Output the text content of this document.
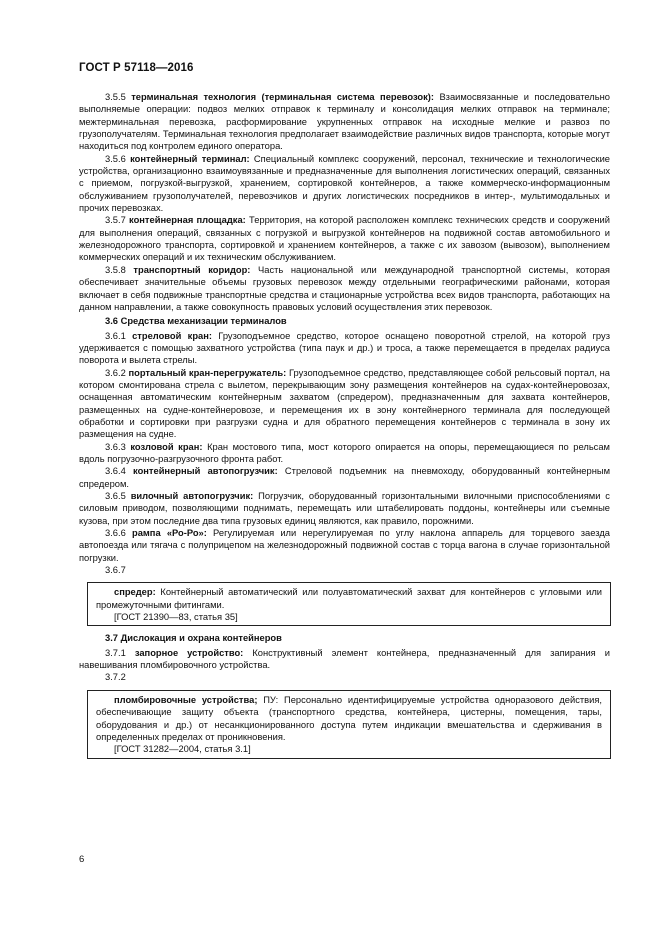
ГОСТ Р 57118—2016

3.5.5 терминальная технология (терминальная система перевозок): Взаимосвязанные и последовательно выполняемые операции: подвоз мелких отправок к терминалу и консолидация мелких отправок на терминале; межтерминальная перевозка, расформирование укрупненных отправок на исходные мелкие и развоз по грузополучателям. Терминальная технология предполагает взаимодействие различных видов транспорта, которые могут находиться под контролем единого оператора.

3.5.6 контейнерный терминал: Специальный комплекс сооружений, персонал, технические и технологические устройства, организационно взаимоувязанные и предназначенные для выполнения логистических операций, связанных с приемом, погрузкой-выгрузкой, хранением, сортировкой контейнеров, а также коммерческо-информационным обслуживанием грузополучателей, перевозчиков и других логистических посредников в интер-, мультимодальных и прочих перевозках.

3.5.7 контейнерная площадка: Территория, на которой расположен комплекс технических средств и сооружений для выполнения операций, связанных с погрузкой и выгрузкой контейнеров на подвижной состав автомобильного и железнодорожного транспорта, сортировкой и хранением контейнеров, а также с их завозом (вывозом), выполнением коммерческих операций и их техническим обслуживанием.

3.5.8 транспортный коридор: Часть национальной или международной транспортной системы, которая обеспечивает значительные объемы грузовых перевозок между отдельными географическими районами, которая включает в себя подвижные транспортные средства и стационарные устройства всех видов транспорта, работающих на данном направлении, а также совокупность правовых условий осуществления этих перевозок.

3.6 Средства механизации терминалов

3.6.1 стреловой кран: Грузоподъемное средство, которое оснащено поворотной стрелой, на которой груз удерживается с помощью захватного устройства (типа паук и др.) и троса, а также перемещается в пределах радиуса поворота и вылета стрелы.

3.6.2 портальный кран-перегружатель: Грузоподъемное средство, представляющее собой рельсовый портал, на котором смонтирована стрела с вылетом, перекрывающим зону размещения контейнеров на судах-контейнеровозах, оснащенная автоматическим контейнерным захватом (спредером), предназначенным для захвата контейнеров, размещенных на судне-контейнеровозе, и перемещения их в зону контейнерного терминала для последующей обработки и сортировки при разгрузки судна и для обратного перемещения контейнеров с терминала в зону их размещения на судне.

3.6.3 козловой кран: Кран мостового типа, мост которого опирается на опоры, перемещающиеся по рельсам вдоль погрузочно-разгрузочного фронта работ.

3.6.4 контейнерный автопогрузчик: Стреловой подъемник на пневмоходу, оборудованный контейнерным спредером.

3.6.5 вилочный автопогрузчик: Погрузчик, оборудованный горизонтальными вилочными приспособлениями с силовым приводом, позволяющими поднимать, перемещать или штабелировать поддоны, контейнеры или съемные кузова, при этом последние два типа грузовых единиц являются, как правило, порожними.

3.6.6 рампа «Ро-Ро»: Регулируемая или нерегулируемая по углу наклона аппарель для торцевого заезда автопоезда или тягача с полуприцепом на железнодорожный подвижной состав с торца вагона в случае горизонтальной погрузки.

3.6.7

спредер: Контейнерный автоматический или полуавтоматический захват для контейнеров с угловыми или промежуточными фитингами.

[ГОСТ 21390—83, статья 35]

3.7 Дислокация и охрана контейнеров

3.7.1 запорное устройство: Конструктивный элемент контейнера, предназначенный для запирания и навешивания пломбировочного устройства.

3.7.2

пломбировочные устройства; ПУ: Персонально идентифицируемые устройства одноразового действия, обеспечивающие защиту объекта (транспортного средства, контейнера, цистерны, помещения, тары, оборудования и др.) от несанкционированного доступа путем индикации вмешательства и сдерживания в определенных пределах от проникновения.

[ГОСТ 31282—2004, статья 3.1]

6
